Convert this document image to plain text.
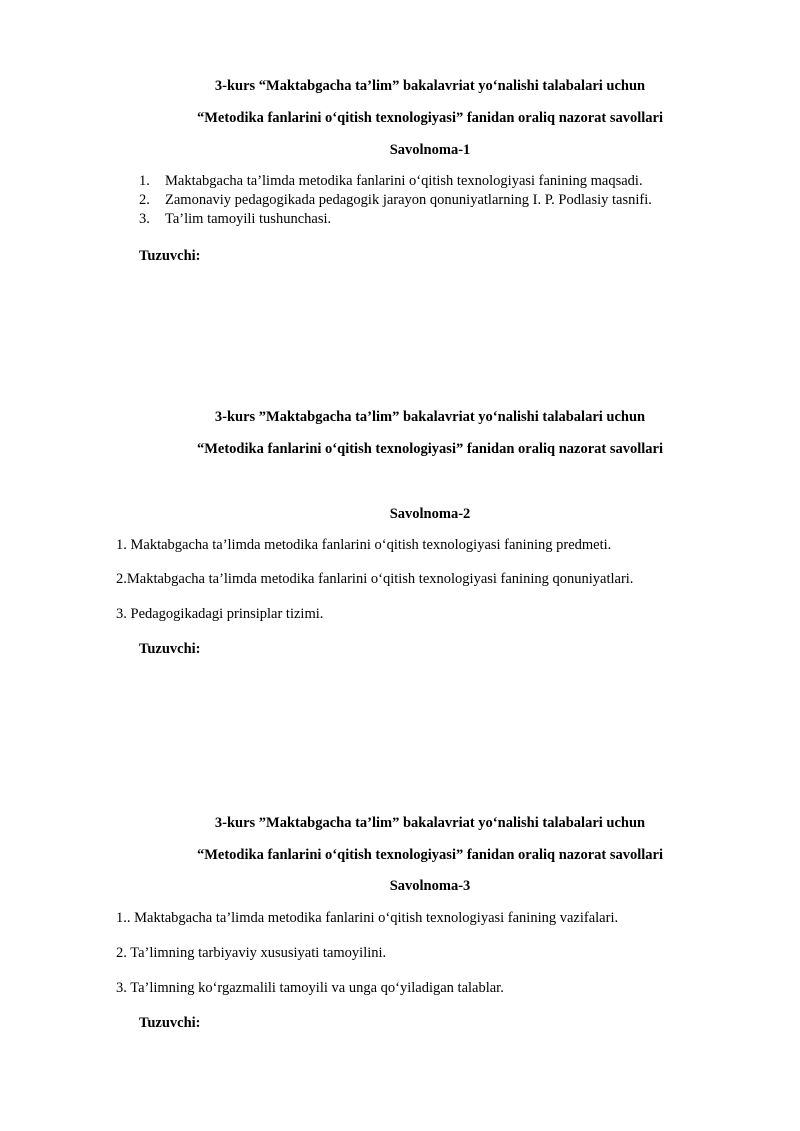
3-kurs “Maktabgacha ta’lim” bakalavriat yo‘nalishi talabalari uchun
“Metodika fanlarini o‘qitish texnologiyasi” fanidan oraliq nazorat savollari
Savolnoma-1
1. Maktabgacha ta’limda metodika fanlarini o‘qitish texnologiyasi fanining maqsadi.
2. Zamonaviy pedagogikada pedagogik jarayon qonuniyatlarning I. P. Podlasiy tasnifi.
3. Ta’lim tamoyili tushunchasi.
Tuzuvchi:
3-kurs ”Maktabgacha ta’lim” bakalavriat yo‘nalishi talabalari uchun
“Metodika fanlarini o‘qitish texnologiyasi” fanidan oraliq nazorat savollari
Savolnoma-2
1. Maktabgacha ta’limda metodika fanlarini o‘qitish texnologiyasi fanining predmeti.
2.Maktabgacha ta’limda metodika fanlarini o‘qitish texnologiyasi fanining qonuniyatlari.
3. Pedagogikadagi prinsiplar tizimi.
Tuzuvchi:
3-kurs ”Maktabgacha ta’lim” bakalavriat yo‘nalishi talabalari uchun
“Metodika fanlarini o‘qitish texnologiyasi” fanidan oraliq nazorat savollari
Savolnoma-3
1.. Maktabgacha ta’limda metodika fanlarini o‘qitish texnologiyasi fanining vazifalari.
2. Ta’limning tarbiyaviy xususiyati tamoyilini.
3. Ta’limning ko‘rgazmalili tamoyili va unga qo‘yiladigan talablar.
Tuzuvchi:
